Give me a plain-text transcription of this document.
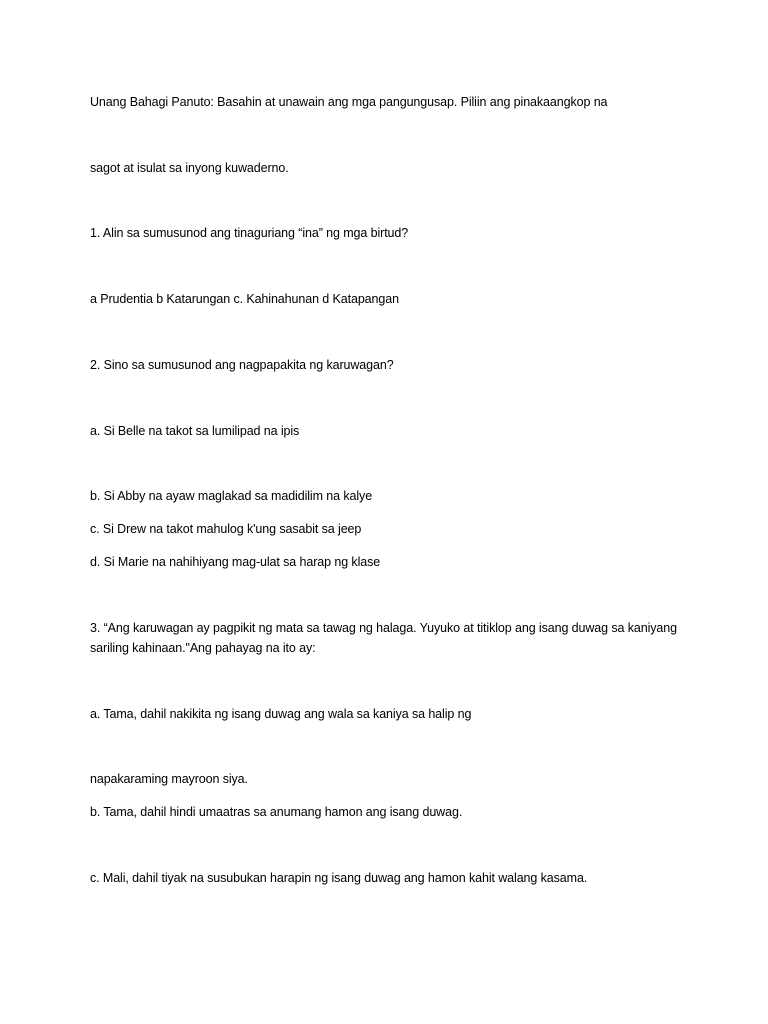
Unang Bahagi Panuto: Basahin at unawain ang mga pangungusap. Piliin ang pinakaangkop na
sagot at isulat sa inyong kuwaderno.
1. Alin sa sumusunod ang tinaguriang “ina” ng mga birtud?
a Prudentia b Katarungan c. Kahinahunan d Katapangan
2. Sino sa sumusunod ang nagpapakita ng karuwagan?
a. Si Belle na takot sa lumilipad na ipis
b. Si Abby na ayaw maglakad sa madidilim na kalye
c. Si Drew na takot mahulog k'ung sasabit sa jeep
d. Si Marie na nahihiyang mag-ulat sa harap ng klase
3. “Ang karuwagan ay pagpikit ng mata sa tawag ng halaga. Yuyuko at titiklop ang isang duwag sa kaniyang sariling kahinaan."Ang pahayag na ito ay:
a. Tama, dahil nakikita ng isang duwag ang wala sa kaniya sa halip ng
napakaraming mayroon siya.
b. Tama, dahil hindi umaatras sa anumang hamon ang isang duwag.
c. Mali, dahil tiyak na susubukan harapin ng isang duwag ang hamon kahit walang kasama.
